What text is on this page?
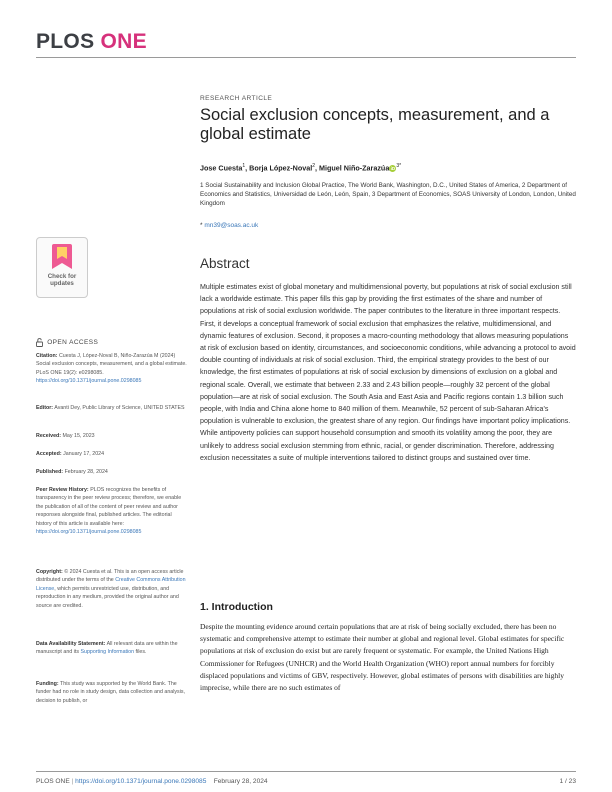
PLOS ONE
RESEARCH ARTICLE
Social exclusion concepts, measurement, and a global estimate
Jose Cuesta$^1$, Borja López-Noval$^2$, Miguel Niño-ZarazúaiD$^{3*}$
1 Social Sustainability and Inclusion Global Practice, The World Bank, Washington, D.C., United States of America, 2 Department of Economics and Statistics, Universidad de León, León, Spain, 3 Department of Economics, SOAS University of London, London, United Kingdom
* mn39@soas.ac.uk
Abstract

Multiple estimates exist of global monetary and multidimensional poverty, but populations at risk of social exclusion still lack a worldwide estimate. This paper fills this gap by providing the first estimates of the share and number of populations at risk of social exclusion worldwide. The paper contributes to the literature in three important respects. First, it develops a conceptual framework of social exclusion that emphasizes the relative, multidimensional, and dynamic features of exclusion. Second, it proposes a macro-counting methodology that allows measuring populations at risk of exclusion based on identity, circumstances, and socioeconomic conditions, while advancing a protocol to avoid double counting of individuals at risk of social exclusion. Third, the empirical strategy provides to the best of our knowledge, the first estimates of populations at risk of social exclusion by dimensions of exclusion on a global and regional scale. Overall, we estimate that between 2.33 and 2.43 billion people—roughly 32 percent of the global population—are at risk of social exclusion. The South Asia and East Asia and Pacific regions contain 1.3 billion such people, with India and China alone home to 840 million of them. Meanwhile, 52 percent of sub-Saharan Africa's population is vulnerable to exclusion, the greatest share of any region. Our findings have important policy implications. While antipoverty policies can support household consumption and smooth its volatility among the poor, they are unlikely to address social exclusion stemming from ethnic, racial, or gender discrimination. Therefore, addressing exclusion necessitates a suite of multiple interventions tailored to distinct groups and sustained over time.

1. Introduction

Despite the mounting evidence around certain populations that are at risk of being socially excluded, there has been no systematic and comprehensive attempt to estimate their number at global and regional level. Global estimates for specific populations at risk of exclusion do exist but are rarely frequent or systematic. For example, the United Nations High Commissioner for Refugees (UNHCR) and the World Health Organization (WHO) report annual numbers for forcibly displaced populations and victims of GBV, respectively. However, global estimates of persons with disabilities are highly imprecise, while there are no such estimates of

Check for
updates
OPEN ACCESS

Citation: Cuesta J, López-Noval B, Niño-Zarazúa M (2024) Social exclusion concepts, measurement, and a global estimate. PLoS ONE 19(2): e0298085. https://doi.org/10.1371/journal.pone.0298085

Editor: Avanti Dey, Public Library of Science, UNITED STATES

Received: May 15, 2023

Accepted: January 17, 2024

Published: February 28, 2024

Peer Review History: PLOS recognizes the benefits of transparency in the peer review process; therefore, we enable the publication of all of the content of peer review and author responses alongside final, published articles. The editorial history of this article is available here: https://doi.org/10.1371/journal.pone.0298085

Copyright: © 2024 Cuesta et al. This is an open access article distributed under the terms of the Creative Commons Attribution License, which permits unrestricted use, distribution, and reproduction in any medium, provided the original author and source are credited.

Data Availability Statement: All relevant data are within the manuscript and its Supporting Information files.

Funding: This study was supported by the World Bank. The funder had no role in study design, data collection and analysis, decision to publish, or

PLOS ONE | https://doi.org/10.1371/journal.pone.0298085 February 28, 2024	1 / 23
